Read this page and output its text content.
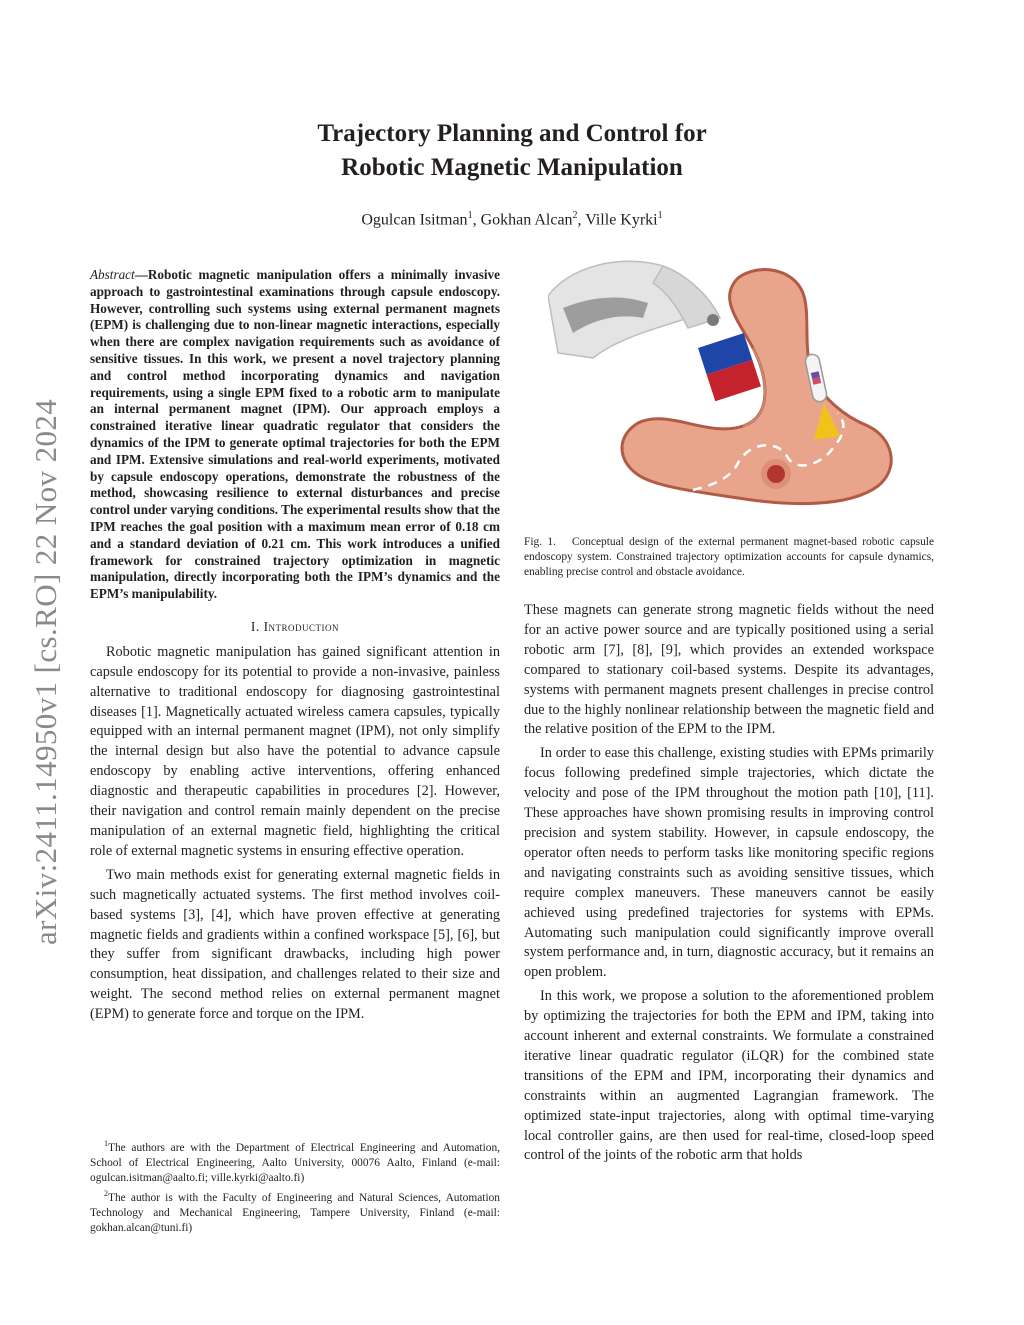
arXiv:2411.14950v1 [cs.RO] 22 Nov 2024
Trajectory Planning and Control for
Robotic Magnetic Manipulation
Ogulcan Isitman$^1$, Gokhan Alcan$^2$, Ville Kyrki$^1$
Abstract—Robotic magnetic manipulation offers a minimally invasive approach to gastrointestinal examinations through capsule endoscopy. However, controlling such systems using external permanent magnets (EPM) is challenging due to non-linear magnetic interactions, especially when there are complex navigation requirements such as avoidance of sensitive tissues. In this work, we present a novel trajectory planning and control method incorporating dynamics and navigation requirements, using a single EPM fixed to a robotic arm to manipulate an internal permanent magnet (IPM). Our approach employs a constrained iterative linear quadratic regulator that considers the dynamics of the IPM to generate optimal trajectories for both the EPM and IPM. Extensive simulations and real-world experiments, motivated by capsule endoscopy operations, demonstrate the robustness of the method, showcasing resilience to external disturbances and precise control under varying conditions. The experimental results show that the IPM reaches the goal position with a maximum mean error of 0.18 cm and a standard deviation of 0.21 cm. This work introduces a unified framework for constrained trajectory optimization in magnetic manipulation, directly incorporating both the IPM’s dynamics and the EPM’s manipulability.
I. Introduction

Robotic magnetic manipulation has gained significant attention in capsule endoscopy for its potential to provide a non-invasive, painless alternative to traditional endoscopy for diagnosing gastrointestinal diseases [1]. Magnetically actuated wireless camera capsules, typically equipped with an internal permanent magnet (IPM), not only simplify the internal design but also have the potential to advance capsule endoscopy by enabling active interventions, offering enhanced diagnostic and therapeutic capabilities in procedures [2]. However, their navigation and control remain mainly dependent on the precise manipulation of an external magnetic field, highlighting the critical role of external magnetic systems in ensuring effective operation.

Two main methods exist for generating external magnetic fields in such magnetically actuated systems. The first method involves coil-based systems [3], [4], which have proven effective at generating magnetic fields and gradients within a confined workspace [5], [6], but they suffer from significant drawbacks, including high power consumption, heat dissipation, and challenges related to their size and weight. The second method relies on external permanent magnet (EPM) to generate force and torque on the IPM.

$^1$The authors are with the Department of Electrical Engineering and Automation, School of Electrical Engineering, Aalto University, 00076 Aalto, Finland (e-mail: ogulcan.isitman@aalto.fi; ville.kyrki@aalto.fi)
$^2$The author is with the Faculty of Engineering and Natural Sciences, Automation Technology and Mechanical Engineering, Tampere University, Finland (e-mail: gokhan.alcan@tuni.fi)
Fig. 1. Conceptual design of the external permanent magnet-based robotic capsule endoscopy system. Constrained trajectory optimization accounts for capsule dynamics, enabling precise control and obstacle avoidance.

These magnets can generate strong magnetic fields without the need for an active power source and are typically positioned using a serial robotic arm [7], [8], [9], which provides an extended workspace compared to stationary coil-based systems. Despite its advantages, systems with permanent magnets present challenges in precise control due to the highly nonlinear relationship between the magnetic field and the relative position of the EPM to the IPM.

In order to ease this challenge, existing studies with EPMs primarily focus following predefined simple trajectories, which dictate the velocity and pose of the IPM throughout the motion path [10], [11]. These approaches have shown promising results in improving control precision and system stability. However, in capsule endoscopy, the operator often needs to perform tasks like monitoring specific regions and navigating constraints such as avoiding sensitive tissues, which require complex maneuvers. These maneuvers cannot be easily achieved using predefined trajectories for systems with EPMs. Automating such manipulation could significantly improve overall system performance and, in turn, diagnostic accuracy, but it remains an open problem.

In this work, we propose a solution to the aforementioned problem by optimizing the trajectories for both the EPM and IPM, taking into account inherent and external constraints. We formulate a constrained iterative linear quadratic regulator (iLQR) for the combined state transitions of the EPM and IPM, incorporating their dynamics and constraints within an augmented Lagrangian framework. The optimized state-input trajectories, along with optimal time-varying local controller gains, are then used for real-time, closed-loop speed control of the joints of the robotic arm that holds
